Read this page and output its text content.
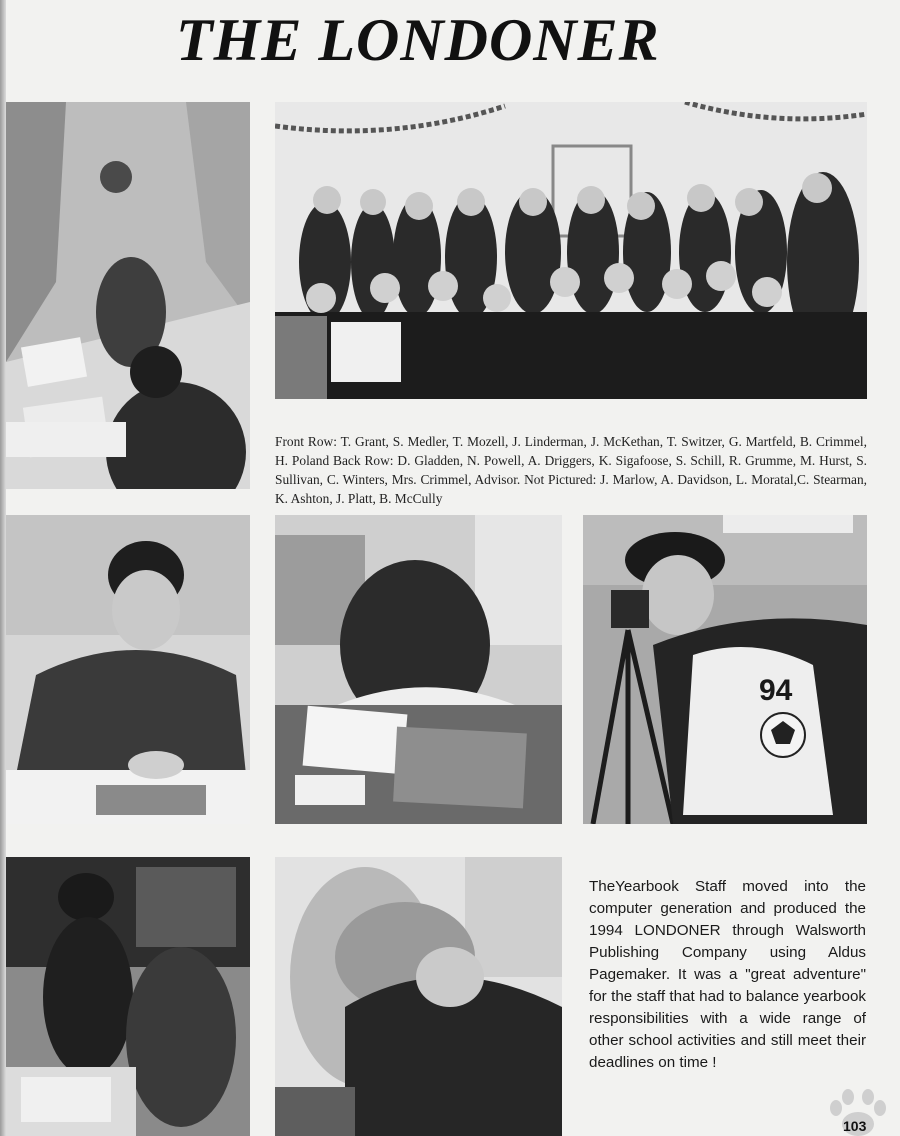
THE LONDONER

Front Row: T. Grant, S. Medler, T. Mozell, J. Linderman, J. McKethan, T. Switzer, G. Martfeld, B. Crimmel, H. Poland Back Row: D. Gladden, N. Powell, A. Driggers, K. Sigafoose, S. Schill, R. Grumme, M. Hurst, S. Sullivan, C. Winters, Mrs. Crimmel, Advisor. Not Pictured: J. Marlow, A. Davidson, L. Moratal,C. Stearman, K. Ashton, J. Platt, B. McCully

94

TheYearbook Staff moved into the computer generation and produced the 1994 LONDONER through Walsworth Publishing Company using Aldus Pagemaker. It was a "great adventure" for the staff that had to balance yearbook responsibilities with a wide range of other school activities and still meet their deadlines on time !

103
